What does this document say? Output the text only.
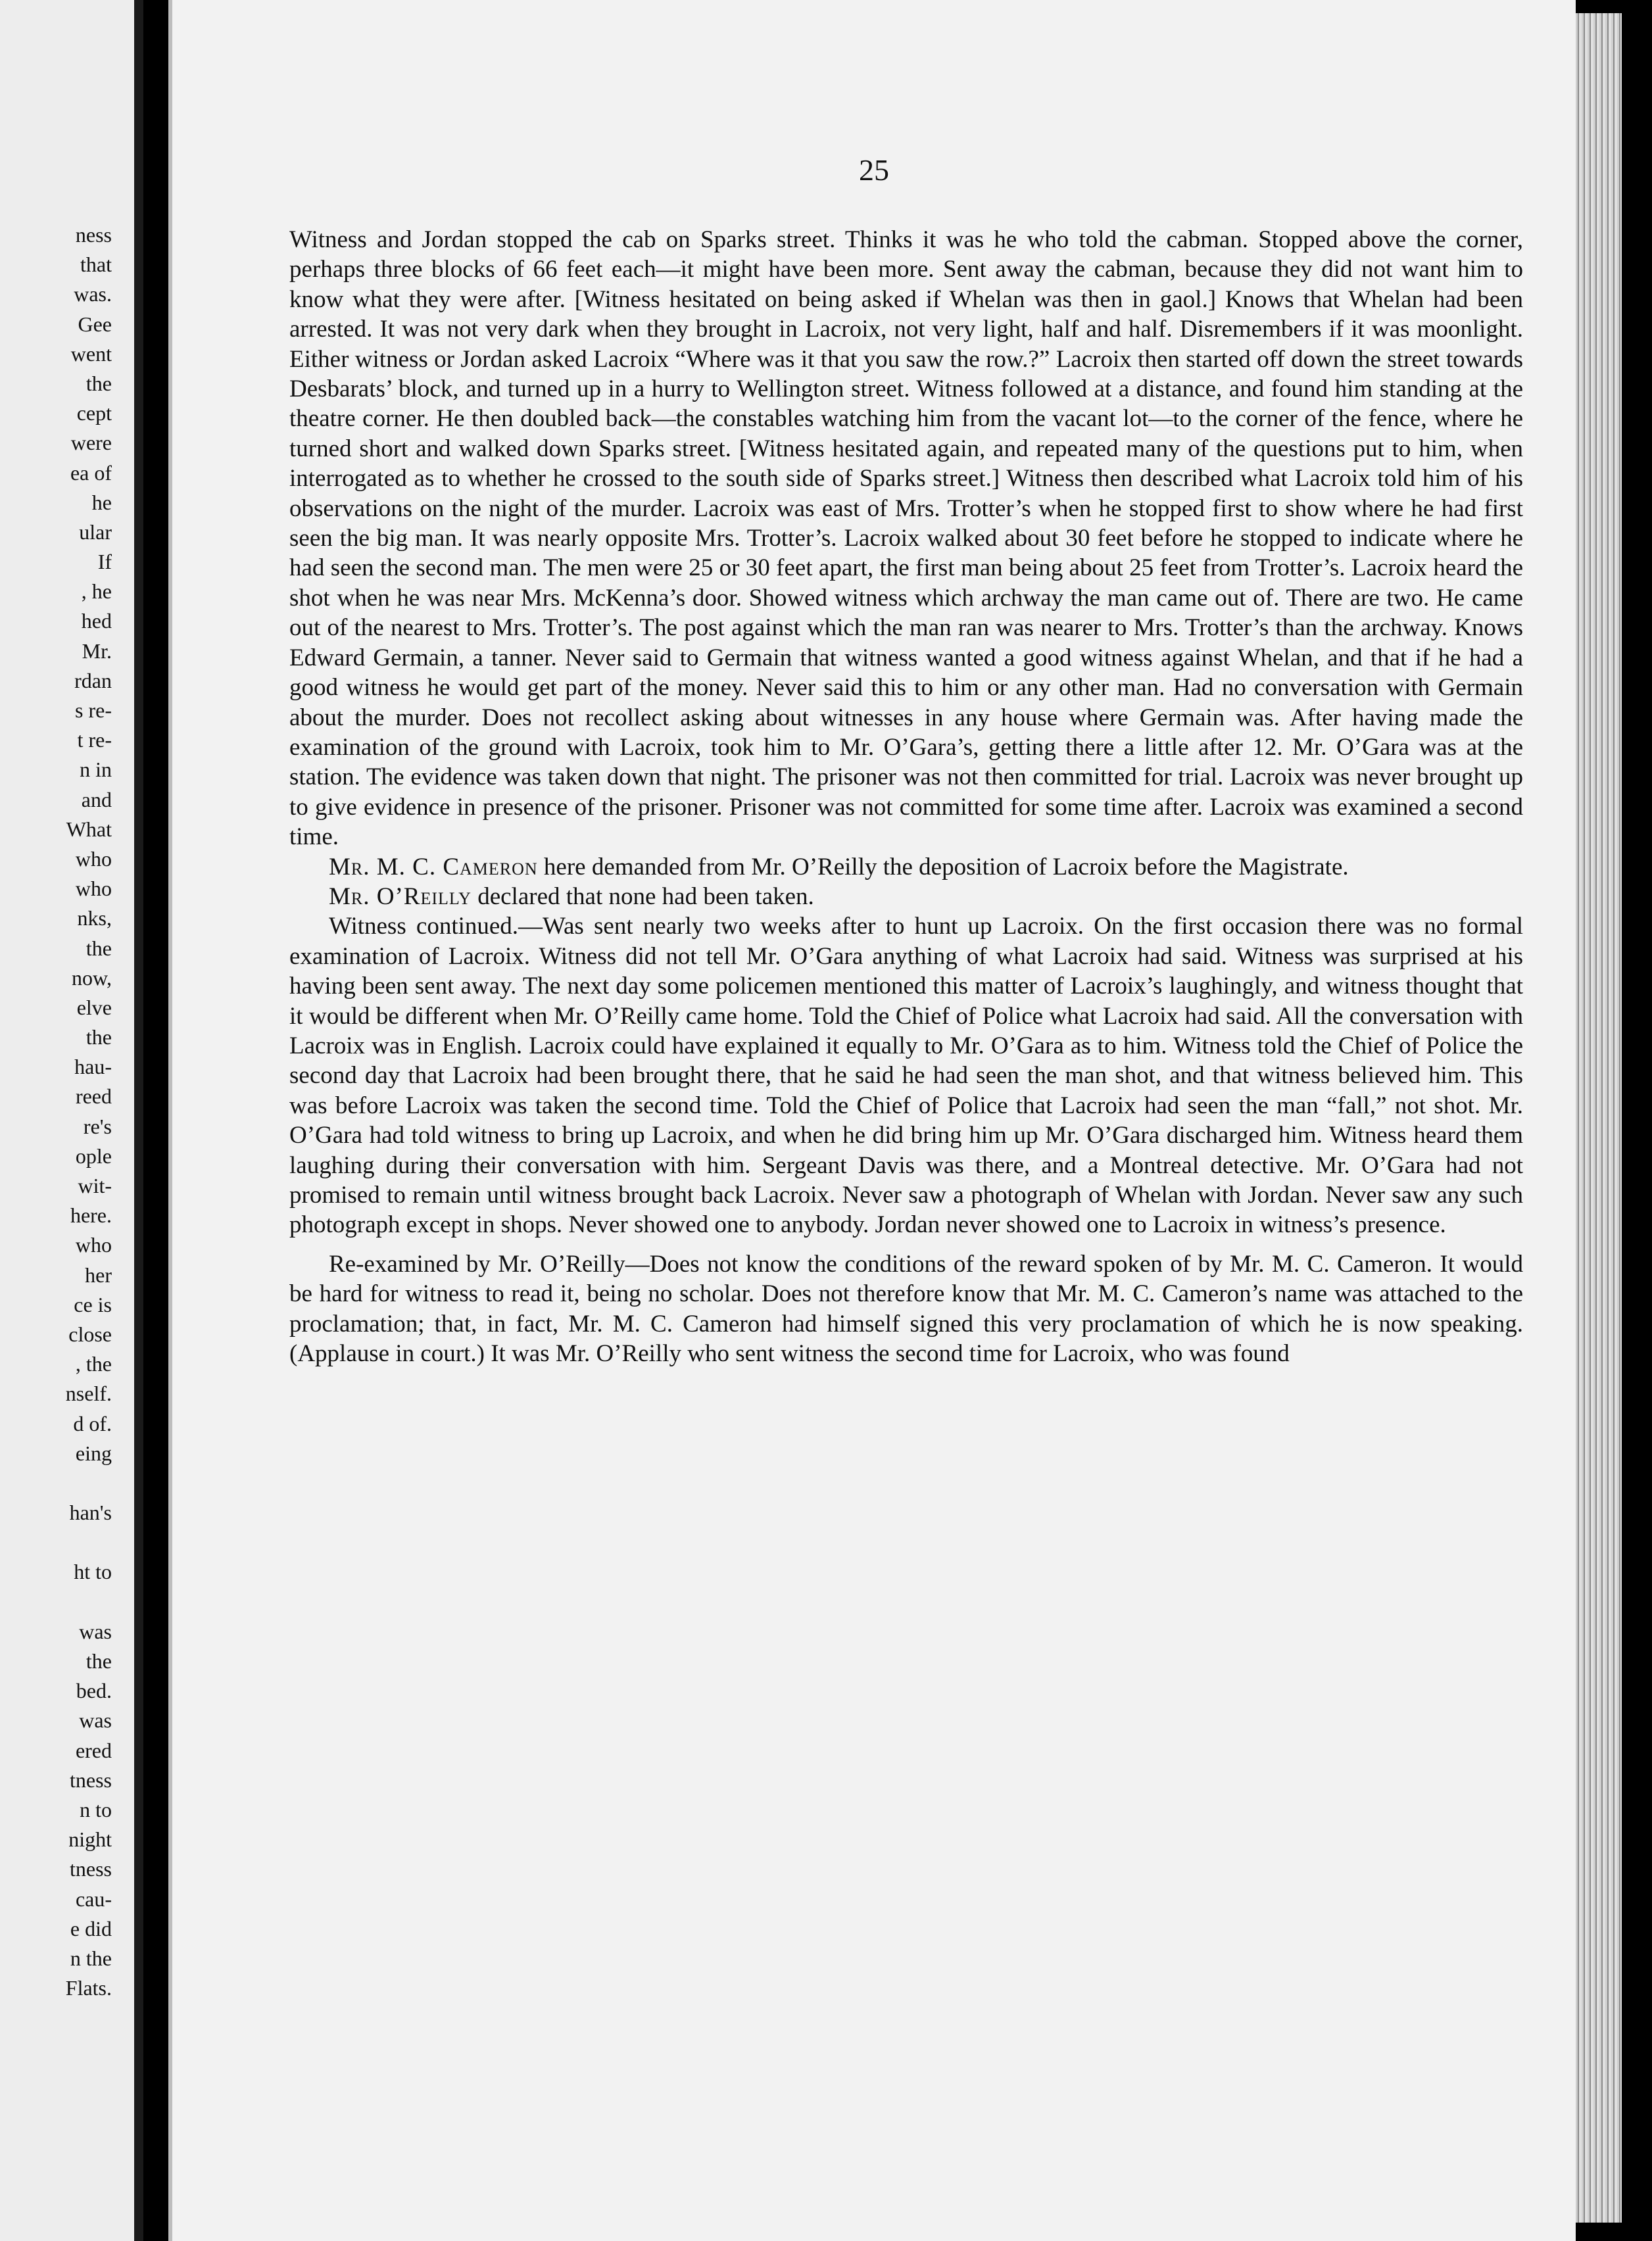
ness
that
was.
Gee
went
the
cept
were
ea of
he
ular
If
, he
hed
Mr.
rdan
s re-
t re-
n in
and
What
who
who
nks,
the
now,
elve
the
hau-
reed
re's
ople
wit-
here.
who
her
ce is
close
, the
nself.
d of.
eing
han's
ht to
was
the
bed.
was
ered
tness
n to
night
tness
cau-
e did
n the
Flats.

25

Witness and Jordan stopped the cab on Sparks street. Thinks it was he who told the cabman. Stopped above the corner, perhaps three blocks of 66 feet each—it might have been more. Sent away the cabman, because they did not want him to know what they were after. [Witness hesitated on being asked if Whelan was then in gaol.] Knows that Whelan had been arrested. It was not very dark when they brought in Lacroix, not very light, half and half. Disremembers if it was moonlight. Either witness or Jordan asked Lacroix “Where was it that you saw the row.?” Lacroix then started off down the street towards Desbarats’ block, and turned up in a hurry to Wellington street. Witness followed at a distance, and found him standing at the theatre corner. He then doubled back—the constables watching him from the vacant lot—to the corner of the fence, where he turned short and walked down Sparks street. [Witness hesitated again, and repeated many of the questions put to him, when interrogated as to whether he crossed to the south side of Sparks street.] Witness then described what Lacroix told him of his observations on the night of the murder. Lacroix was east of Mrs. Trotter’s when he stopped first to show where he had first seen the big man. It was nearly opposite Mrs. Trotter’s. Lacroix walked about 30 feet before he stopped to indicate where he had seen the second man. The men were 25 or 30 feet apart, the first man being about 25 feet from Trotter’s. Lacroix heard the shot when he was near Mrs. McKenna’s door. Showed witness which archway the man came out of. There are two. He came out of the nearest to Mrs. Trotter’s. The post against which the man ran was nearer to Mrs. Trotter’s than the archway. Knows Edward Germain, a tanner. Never said to Germain that witness wanted a good witness against Whelan, and that if he had a good witness he would get part of the money. Never said this to him or any other man. Had no conversation with Germain about the murder. Does not recollect asking about witnesses in any house where Germain was. After having made the examination of the ground with Lacroix, took him to Mr. O’Gara’s, getting there a little after 12. Mr. O’Gara was at the station. The evidence was taken down that night. The prisoner was not then committed for trial. Lacroix was never brought up to give evidence in presence of the prisoner. Prisoner was not committed for some time after. Lacroix was examined a second time.

Mr. M. C. Cameron here demanded from Mr. O’Reilly the deposition of Lacroix before the Magistrate.

Mr. O’Reilly declared that none had been taken.

Witness continued.—Was sent nearly two weeks after to hunt up Lacroix. On the first occasion there was no formal examination of Lacroix. Witness did not tell Mr. O’Gara anything of what Lacroix had said. Witness was surprised at his having been sent away. The next day some policemen mentioned this matter of Lacroix’s laughingly, and witness thought that it would be different when Mr. O’Reilly came home. Told the Chief of Police what Lacroix had said. All the conversation with Lacroix was in English. Lacroix could have explained it equally to Mr. O’Gara as to him. Witness told the Chief of Police the second day that Lacroix had been brought there, that he said he had seen the man shot, and that witness believed him. This was before Lacroix was taken the second time. Told the Chief of Police that Lacroix had seen the man “fall,” not shot. Mr. O’Gara had told witness to bring up Lacroix, and when he did bring him up Mr. O’Gara discharged him. Witness heard them laughing during their conversation with him. Sergeant Davis was there, and a Montreal detective. Mr. O’Gara had not promised to remain until witness brought back Lacroix. Never saw a photograph of Whelan with Jordan. Never saw any such photograph except in shops. Never showed one to anybody. Jordan never showed one to Lacroix in witness’s presence.

Re-examined by Mr. O’Reilly—Does not know the conditions of the reward spoken of by Mr. M. C. Cameron. It would be hard for witness to read it, being no scholar. Does not therefore know that Mr. M. C. Cameron’s name was attached to the proclamation; that, in fact, Mr. M. C. Cameron had himself signed this very proclamation of which he is now speaking. (Applause in court.) It was Mr. O’Reilly who sent witness the second time for Lacroix, who was found
